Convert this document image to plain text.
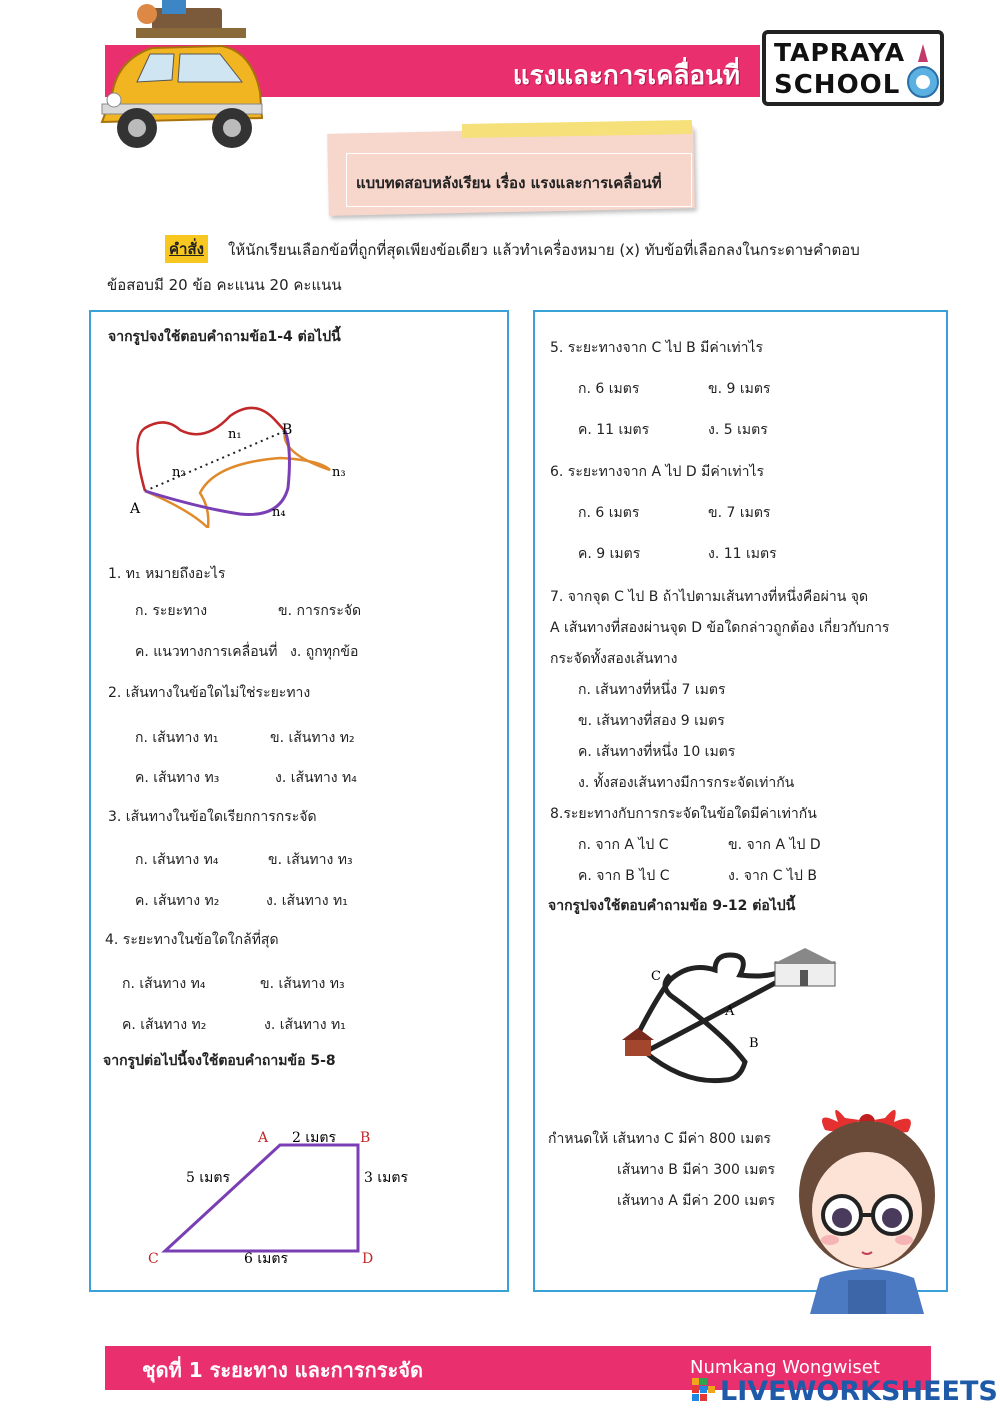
แรงและการเคลื่อนที่
TAPRAYA
SCHOOL
แบบทดสอบหลังเรียน เรื่อง แรงและการเคลื่อนที่
คำสั่ง ให้นักเรียนเลือกข้อที่ถูกที่สุดเพียงข้อเดียว แล้วทำเครื่องหมาย (x) ทับข้อที่เลือกลงในกระดาษคำตอบ
ข้อสอบมี 20 ข้อ คะแนน 20 คะแนน
จากรูปจงใช้ตอบคำถามข้อ1-4 ต่อไปนี้
A
B
n₁
n₂	n₃
n₄
1. ท₁ หมายถึงอะไร
ก. ระยะทาง	ข. การกระจัด
ค. แนวทางการเคลื่อนที่ ง. ถูกทุกข้อ
2. เส้นทางในข้อใดไม่ใช่ระยะทาง
ก. เส้นทาง ท₁	ข. เส้นทาง ท₂
ค. เส้นทาง ท₃	ง. เส้นทาง ท₄
3. เส้นทางในข้อใดเรียกการกระจัด
ก. เส้นทาง ท₄	ข. เส้นทาง ท₃
ค. เส้นทาง ท₂	ง. เส้นทาง ท₁
4. ระยะทางในข้อใดใกล้ที่สุด
ก. เส้นทาง ท₄	ข. เส้นทาง ท₃
ค. เส้นทาง ท₂	ง. เส้นทาง ท₁
จากรูปต่อไปนี้จงใช้ตอบคำถามข้อ 5-8
A	B
C	D
2 เมตร
3 เมตร
5 เมตร
6 เมตร
5. ระยะทางจาก C ไป B มีค่าเท่าไร
ก. 6 เมตร	ข. 9 เมตร
ค. 11 เมตร	ง. 5 เมตร
6. ระยะทางจาก A ไป D มีค่าเท่าไร
ก. 6 เมตร	ข. 7 เมตร
ค. 9 เมตร	ง. 11 เมตร
7. จากจุด C ไป B ถ้าไปตามเส้นทางที่หนึ่งคือผ่าน จุด
A เส้นทางที่สองผ่านจุด D ข้อใดกล่าวถูกต้อง เกี่ยวกับการ
กระจัดทั้งสองเส้นทาง
ก. เส้นทางที่หนึ่ง 7 เมตร
ข. เส้นทางที่สอง 9 เมตร
ค. เส้นทางที่หนึ่ง 10 เมตร
ง. ทั้งสองเส้นทางมีการกระจัดเท่ากัน
8.ระยะทางกับการกระจัดในข้อใดมีค่าเท่ากัน
ก. จาก A ไป C	ข. จาก A ไป D
ค. จาก B ไป C	ง. จาก C ไป B
จากรูปจงใช้ตอบคำถามข้อ 9-12 ต่อไปนี้
C
A
B
กำหนดให้ เส้นทาง C มีค่า 800 เมตร
เส้นทาง B มีค่า 300 เมตร
เส้นทาง A มีค่า 200 เมตร
ชุดที่ 1 ระยะทาง และการกระจัด	Numkang Wongwiset
LIVEWORKSHEETS
